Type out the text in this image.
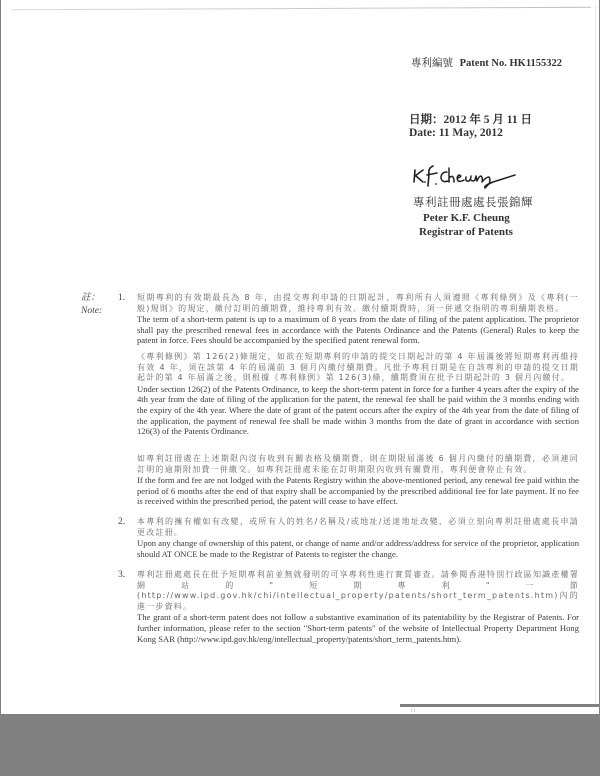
專利編號 Patent No. HK1155322
日期：2012 年 5 月 11 日
Date: 11 May, 2012
專利註冊處處長張錦輝
Peter K.F. Cheung
Registrar of Patents
註：
Note:
1. 短期專利的有效期最長為 8 年，由提交專利申請的日期起計，專利所有人須遵照《專利條例》及《專利(一般)規則》的規定，繳付訂明的續期費，維持專利有效。繳付續期費時，須一併遞交指明的專利續期表格。
The term of a short-term patent is up to a maximum of 8 years from the date of filing of the patent application. The proprietor shall pay the prescribed renewal fees in accordance with the Patents Ordinance and the Patents (General) Rules to keep the patent in force. Fees should be accompanied by the specified patent renewal form.
《專利條例》第 126(2)條規定，如欲在短期專利的申請的提交日期起計的第 4 年屆滿後將短期專利再維持有效 4 年，須在該第 4 年的屆滿前 3 個月內繳付續期費。凡批予專利日期是在自該專利的申請的提交日期起計的第 4 年屆滿之後，則根據《專利條例》第 126(3)條，續期費須在批予日期起計的 3 個月內繳付。
Under section 126(2) of the Patents Ordinance, to keep the short-term patent in force for a further 4 years after the expiry of the 4th year from the date of filing of the application for the patent, the renewal fee shall be paid within the 3 months ending with the expiry of the 4th year. Where the date of grant of the patent occurs after the expiry of the 4th year from the date of filing of the application, the payment of renewal fee shall be made within 3 months from the date of grant in accordance with section 126(3) of the Patents Ordinance.
如專利註冊處在上述期限內沒有收到有關表格及續期費，則在期限屆滿後 6 個月內繳付的續期費，必須連同訂明的逾期附加費一併繳交。如專利註冊處未能在訂明期限內收到有關費用，專利便會停止有效。
If the form and fee are not lodged with the Patents Registry within the above-mentioned period, any renewal fee paid within the period of 6 months after the end of that expiry shall be accompanied by the prescribed additional fee for late payment. If no fee is received within the prescribed period, the patent will cease to have effect.
2. 本專利的擁有權如有改變，或所有人的姓名/名稱及/或地址/送達地址改變，必須立刻向專利註冊處處長申請更改註冊。
Upon any change of ownership of this patent, or change of name and/or address/address for service of the proprietor, application should AT ONCE be made to the Registrar of Patents to register the change.
3. 專利註冊處處長在批予短期專利前並無就發明的可享專利性進行實質審查。請參閱香港特別行政區知識產權署網站的"短期專利"一節 (http://www.ipd.gov.hk/chi/intellectual_property/patents/short_term_patents.htm)內的進一步資料。
The grant of a short-term patent does not follow a substantive examination of its patentability by the Registrar of Patents. For further information, please refer to the section "Short-term patents" of the website of Intellectual Property Department Hong Kong SAR (http://www.ipd.gov.hk/eng/intellectual_property/patents/short_term_patents.htm).
11
